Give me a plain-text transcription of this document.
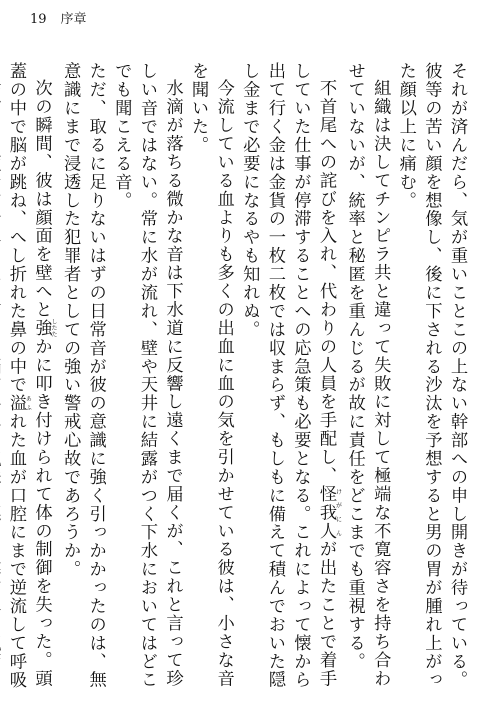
19 序章

それが済んだら、気が重いことこの上ない幹部への申し開きが待っている。彼等の苦い顔を想像し、後に下される沙汰を予想すると男の胃が腫れ上がった顔以上に痛む。

組織は決してチンピラ共と違って失敗に対して極端な不寛容さを持ち合わせていないが、統率と秘匿を重んじるが故に責任をどこまでも重視する。

不首尾への詫びを入れ、代わりの人員を手配し、怪我人けがにんが出たことで着手していた仕事が停滞することへの応急策も必要となる。これによって懐から出て行く金は金貨の一枚二枚では収まらず、もしもに備えて積んでおいた隠し金まで必要になるやも知れぬ。

今流している血よりも多くの出血に血の気を引かせている彼は、小さな音を聞いた。

水滴が落ちる微かな音は下水道に反響し遠くまで届くが、これと言って珍しい音ではない。常に水が流れ、壁や天井に結露がつく下水においてはどこでも聞こえる音。

ただ、取るに足りないはずの日常音が彼の意識に強く引っかかったのは、無意識にまで浸透した犯罪者としての強い警戒心故であろうか。

次の瞬間、彼は顔面を壁へと強したたかに叩き付けられて体の制御を失った。頭蓋の中で脳が跳ね、へし折れた鼻の中で溢あふれた血が口腔にまで逆流して呼吸
